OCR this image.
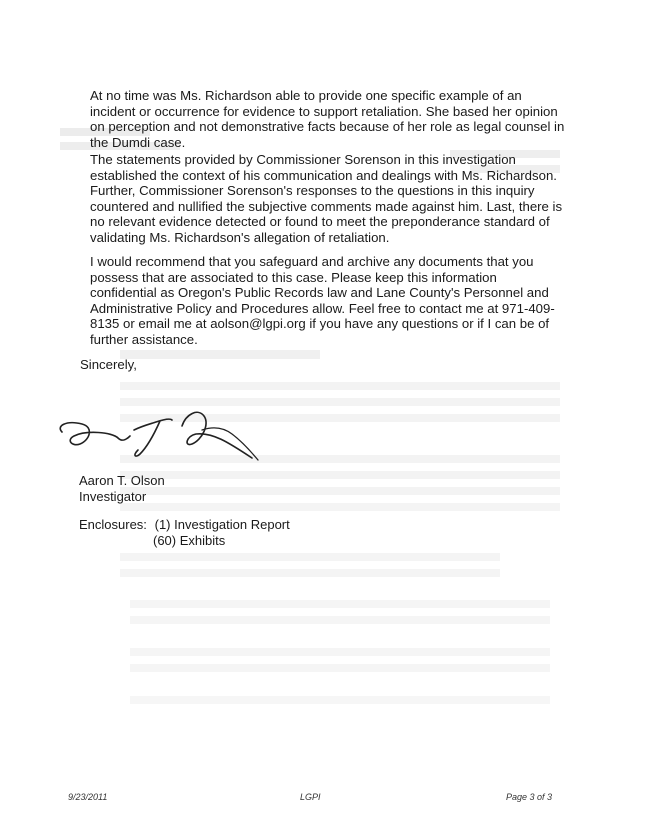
At no time was Ms. Richardson able to provide one specific example of an incident or occurrence for evidence to support retaliation. She based her opinion on perception and not demonstrative facts because of her role as legal counsel in the Dumdi case.

The statements provided by Commissioner Sorenson in this investigation established the context of his communication and dealings with Ms. Richardson. Further, Commissioner Sorenson's responses to the questions in this inquiry countered and nullified the subjective comments made against him. Last, there is no relevant evidence detected or found to meet the preponderance standard of validating Ms. Richardson's allegation of retaliation.

I would recommend that you safeguard and archive any documents that you possess that are associated to this case. Please keep this information confidential as Oregon's Public Records law and Lane County's Personnel and Administrative Policy and Procedures allow. Feel free to contact me at 971-409-8135 or email me at aolson@lgpi.org if you have any questions or if I can be of further assistance.

Sincerely,
Aaron T. Olson
Investigator
Enclosures: (1) Investigation Report
(60) Exhibits
9/23/2011	LGPI	Page 3 of 3
